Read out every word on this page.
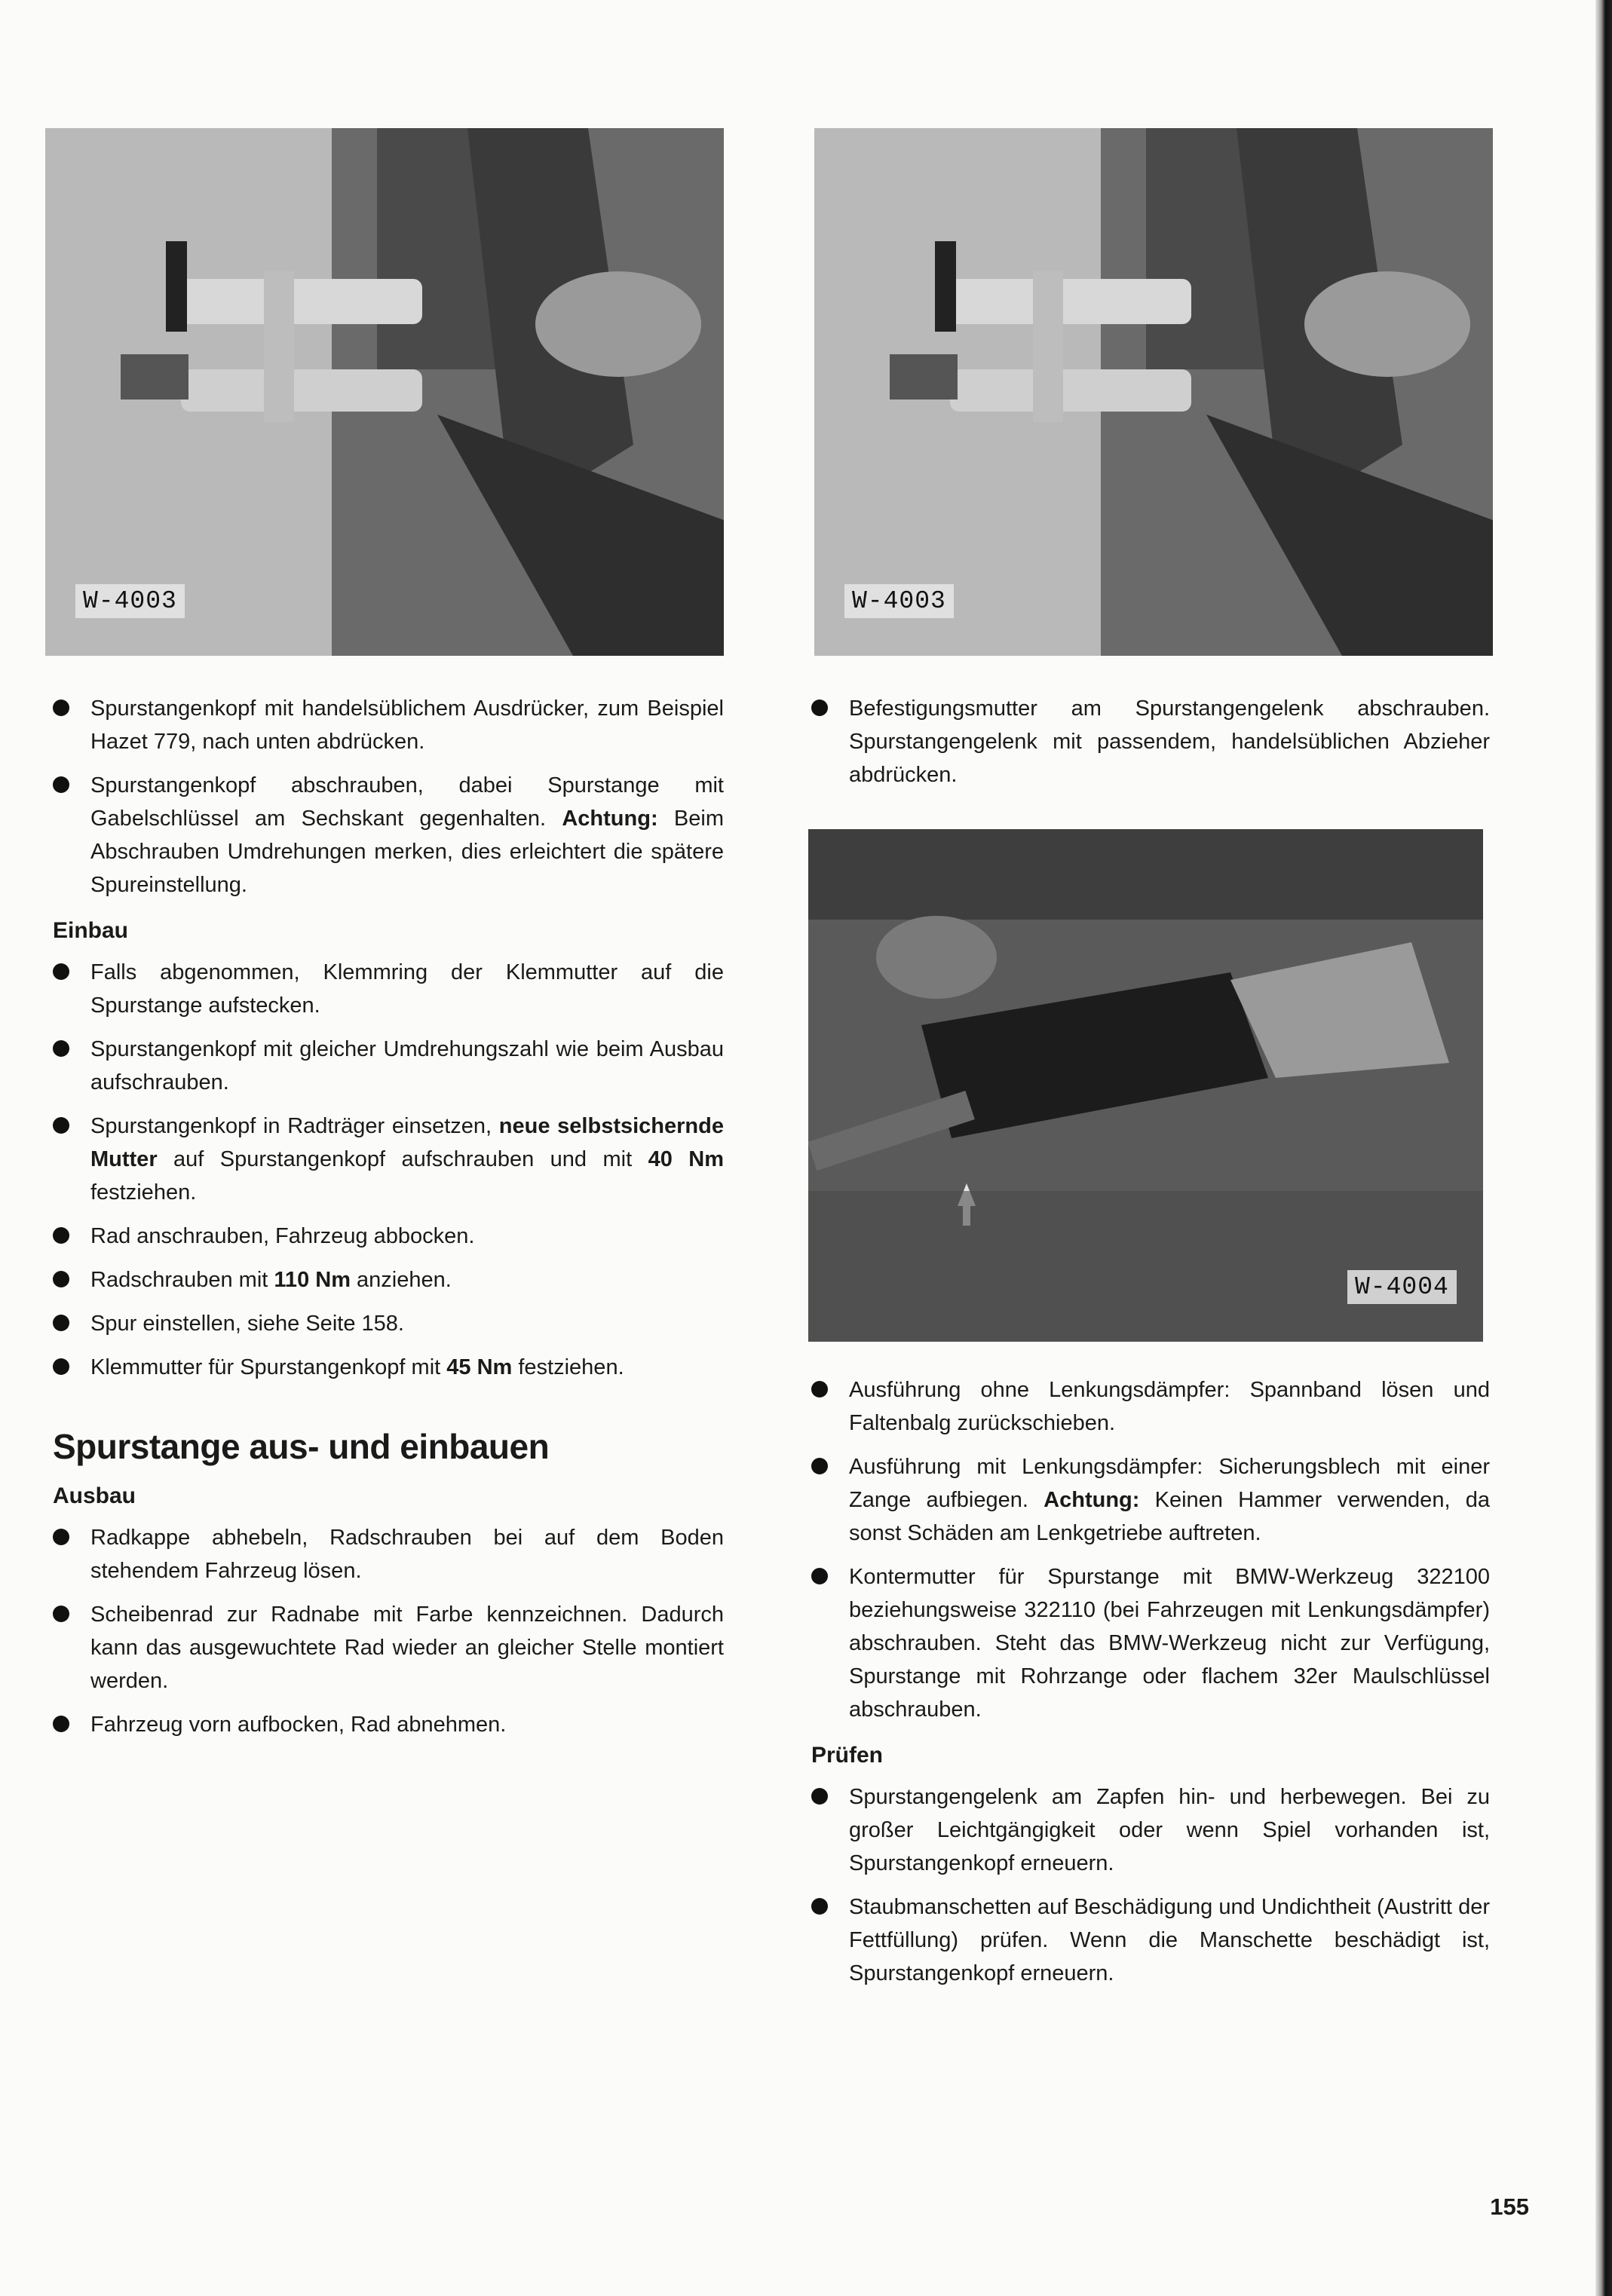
W-4003	W-4003
W-4004
Spurstangenkopf mit handelsüblichem Ausdrücker, zum Beispiel Hazet 779, nach unten abdrücken.
Spurstangenkopf abschrauben, dabei Spurstange mit Gabelschlüssel am Sechskant gegenhalten. Achtung: Beim Abschrauben Umdrehungen merken, dies erleichtert die spätere Spureinstellung.
Einbau
Falls abgenommen, Klemmring der Klemmutter auf die Spurstange aufstecken.
Spurstangenkopf mit gleicher Umdrehungszahl wie beim Ausbau aufschrauben.
Spurstangenkopf in Radträger einsetzen, neue selbstsichernde Mutter auf Spurstangenkopf aufschrauben und mit 40 Nm festziehen.
Rad anschrauben, Fahrzeug abbocken.
Radschrauben mit 110 Nm anziehen.
Spur einstellen, siehe Seite 158.
Klemmutter für Spurstangenkopf mit 45 Nm festziehen.
Spurstange aus- und einbauen
Ausbau
Radkappe abhebeln, Radschrauben bei auf dem Boden stehendem Fahrzeug lösen.
Scheibenrad zur Radnabe mit Farbe kennzeichnen. Dadurch kann das ausgewuchtete Rad wieder an gleicher Stelle montiert werden.
Fahrzeug vorn aufbocken, Rad abnehmen.
Befestigungsmutter am Spurstangengelenk abschrauben. Spurstangengelenk mit passendem, handelsüblichen Abzieher abdrücken.
Ausführung ohne Lenkungsdämpfer: Spannband lösen und Faltenbalg zurückschieben.
Ausführung mit Lenkungsdämpfer: Sicherungsblech mit einer Zange aufbiegen. Achtung: Keinen Hammer verwenden, da sonst Schäden am Lenkgetriebe auftreten.
Kontermutter für Spurstange mit BMW-Werkzeug 322100 beziehungsweise 322110 (bei Fahrzeugen mit Lenkungsdämpfer) abschrauben. Steht das BMW-Werkzeug nicht zur Verfügung, Spurstange mit Rohrzange oder flachem 32er Maulschlüssel abschrauben.
Prüfen
Spurstangengelenk am Zapfen hin- und herbewegen. Bei zu großer Leichtgängigkeit oder wenn Spiel vorhanden ist, Spurstangenkopf erneuern.
Staubmanschetten auf Beschädigung und Undichtheit (Austritt der Fettfüllung) prüfen. Wenn die Manschette beschädigt ist, Spurstangenkopf erneuern.
155
